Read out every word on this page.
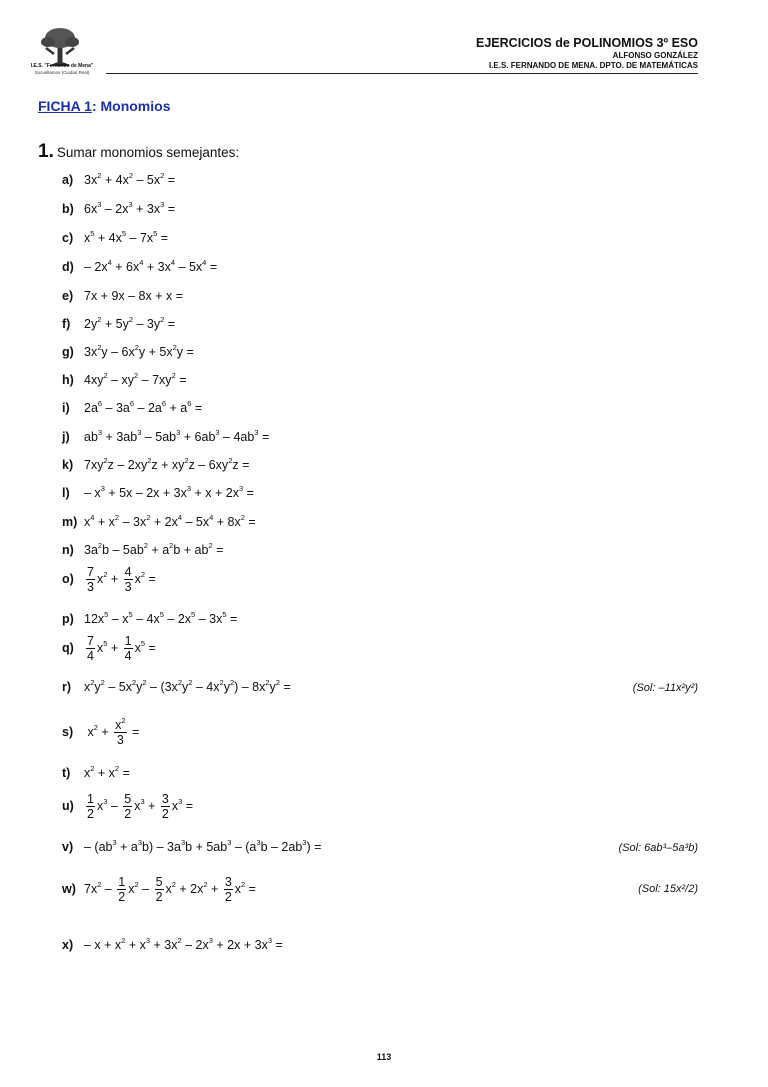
I.E.S. "Fernando de Mena"
Socuéllamos (Ciudad Real)
EJERCICIOS de POLINOMIOS 3º ESO
ALFONSO GONZÁLEZ
I.E.S. FERNANDO DE MENA. DPTO. DE MATEMÁTICAS
FICHA 1: Monomios
1. Sumar monomios semejantes:
a) $3x^2 + 4x^2 - 5x^2$ =
b) $6x^3 - 2x^3 + 3x^3$ =
c) $x^5 + 4x^5 - 7x^5$ =
$d) - 2x^4 + 6x^4 + 3x^4 - 5x^4$ =
e) 7x + 9x – 8x + x =
f) $2y^2 + 5y^2 - 3y^2$ =
g) $3x^2y - 6x^2y + 5x^2y$ =
h) $4xy^2 - xy^2 - 7xy^2$ =
i) $2a^6 - 3a^6 - 2a^6 + a^6$ =
j) $ab^3 + 3ab^3 - 5ab^3 + 6ab^3 - 4ab^3$ =
k) $7xy^2z - 2xy^2z + xy^2z - 6xy^2z$ =
$l) - x^3 + 5x - 2x + 3x^3 + x + 2x^3$ =
m) $x^4 + x^2 - 3x^2 + 2x^4 - 5x^4 + 8x^2$ =
n) $3a^2b - 5ab^2 + a^2b + ab^2$ =
$o) \frac{7}{3} x^2 + \frac{4}{3} x^2$ =
p) $12x^5 - x^5 - 4x^5 - 2x^5 - 3x^5$ =
$q) \frac{7}{4} x^5 + \frac{1}{4} x^5$ =
r) $x^2y^2 - 5x^2y^2 - (3x^2y^2 - 4x^2y^2) - 8x^2y^2$ =	(Sol: –11x²y²)
s) $x^2 + \frac{x^2}{3}$ =
t) $x^2 + x^2$ =
$u) \frac{1}{2} x^3 - \frac{5}{2} x^3 + \frac{3}{2} x^3$ =
$v) - (ab^3 + a^3b) - 3a^3b + 5ab^3 - (a^3b - 2ab^3)$ =	(Sol: 6ab³–5a³b)
w) $7x^2 - \frac{1}{2} x^2 - \frac{5}{2} x^2 + 2x^2 + \frac{3}{2} x^2$ =	(Sol: 15x²/2)
$x) - x + x^2 + x^3 + 3x^2 - 2x^3 + 2x + 3x^3$ =
113
